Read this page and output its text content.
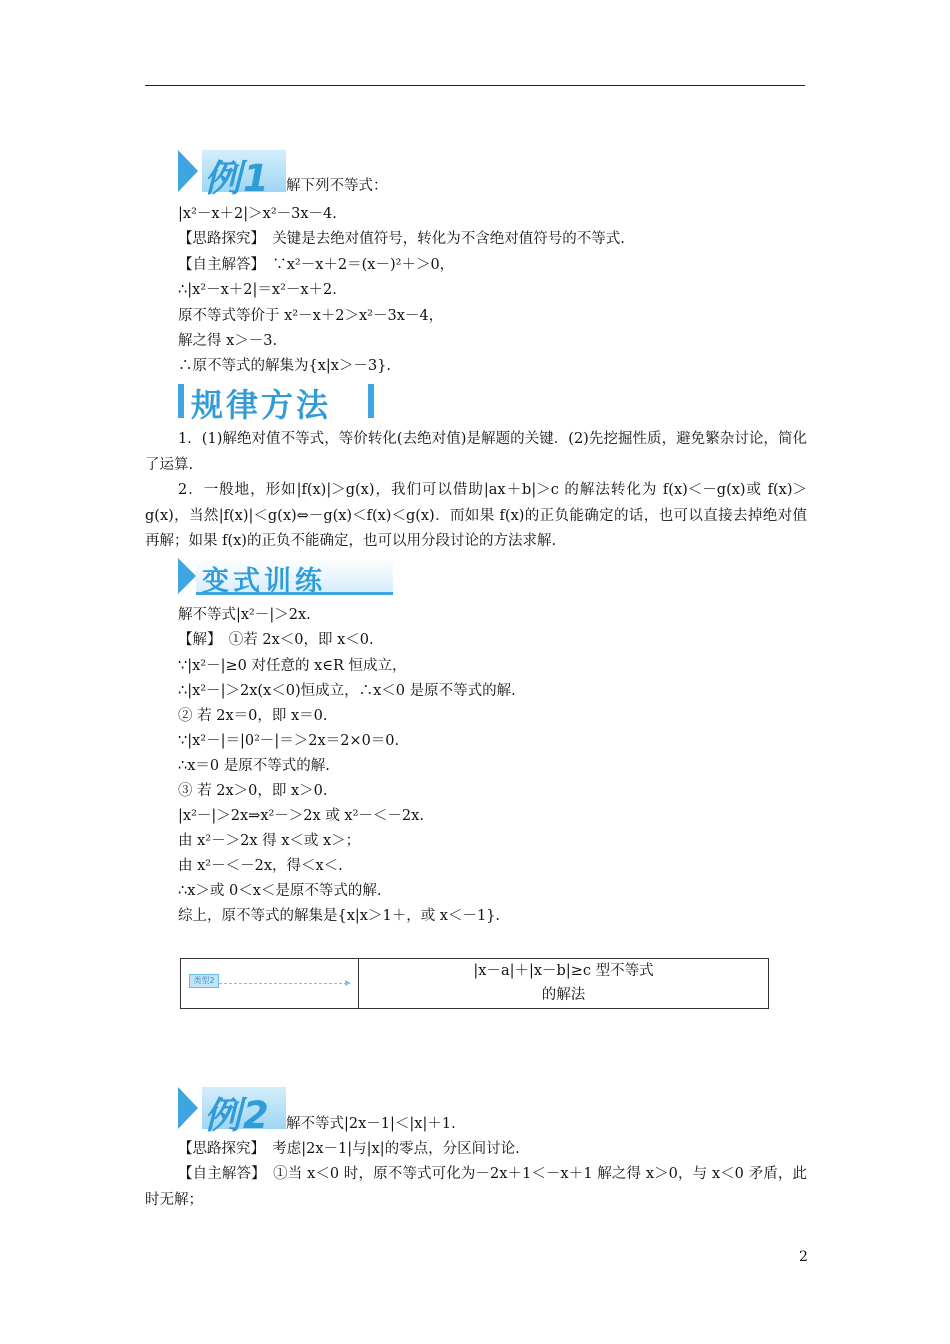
例1 解下列不等式：
|x²－x＋2|＞x²－3x－4.
【思路探究】　关键是去绝对值符号，转化为不含绝对值符号的不等式.
【自主解答】　∵x²－x＋2＝(x－)²＋＞0，
∴|x²－x＋2|＝x²－x＋2.
原不等式等价于 x²－x＋2＞x²－3x－4，
解之得 x＞－3.
∴原不等式的解集为{x|x＞－3}.
规律方法
1．(1)解绝对值不等式，等价转化(去绝对值)是解题的关键．(2)先挖掘性质，避免繁杂讨论，简化了运算.
2．一般地，形如|f(x)|＞g(x)，我们可以借助|ax＋b|＞c 的解法转化为 f(x)＜－g(x)或 f(x)＞g(x)，当然|f(x)|＜g(x)⇔－g(x)＜f(x)＜g(x)．而如果 f(x)的正负能确定的话，也可以直接去掉绝对值再解；如果 f(x)的正负不能确定，也可以用分段讨论的方法求解.
变式训练
解不等式|x²－|＞2x.
【解】　①若 2x＜0，即 x＜0.
∵|x²－|≥0 对任意的 x∈R 恒成立，
∴|x²－|＞2x(x＜0)恒成立，∴x＜0 是原不等式的解.
② 若 2x＝0，即 x＝0.
∵|x²－|＝|0²－|＝＞2x＝2×0＝0.
∴x＝0 是原不等式的解.
③ 若 2x＞0，即 x＞0.
|x²－|＞2x⇒x²－＞2x 或 x²－＜－2x.
由 x²－＞2x 得 x＜或 x＞；
由 x²－＜－2x，得＜x＜.
∴x＞或 0＜x＜是原不等式的解.
综上，原不等式的解集是{x|x＞1＋，或 x＜－1}.
类型2
|x－a|＋|x－b|≥c 型不等式
的解法
例2 解不等式|2x－1|＜|x|＋1.
【思路探究】　考虑|2x－1|与|x|的零点，分区间讨论.
【自主解答】　①当 x＜0 时，原不等式可化为－2x＋1＜－x＋1 解之得 x＞0，与 x＜0 矛盾，此时无解；
2
